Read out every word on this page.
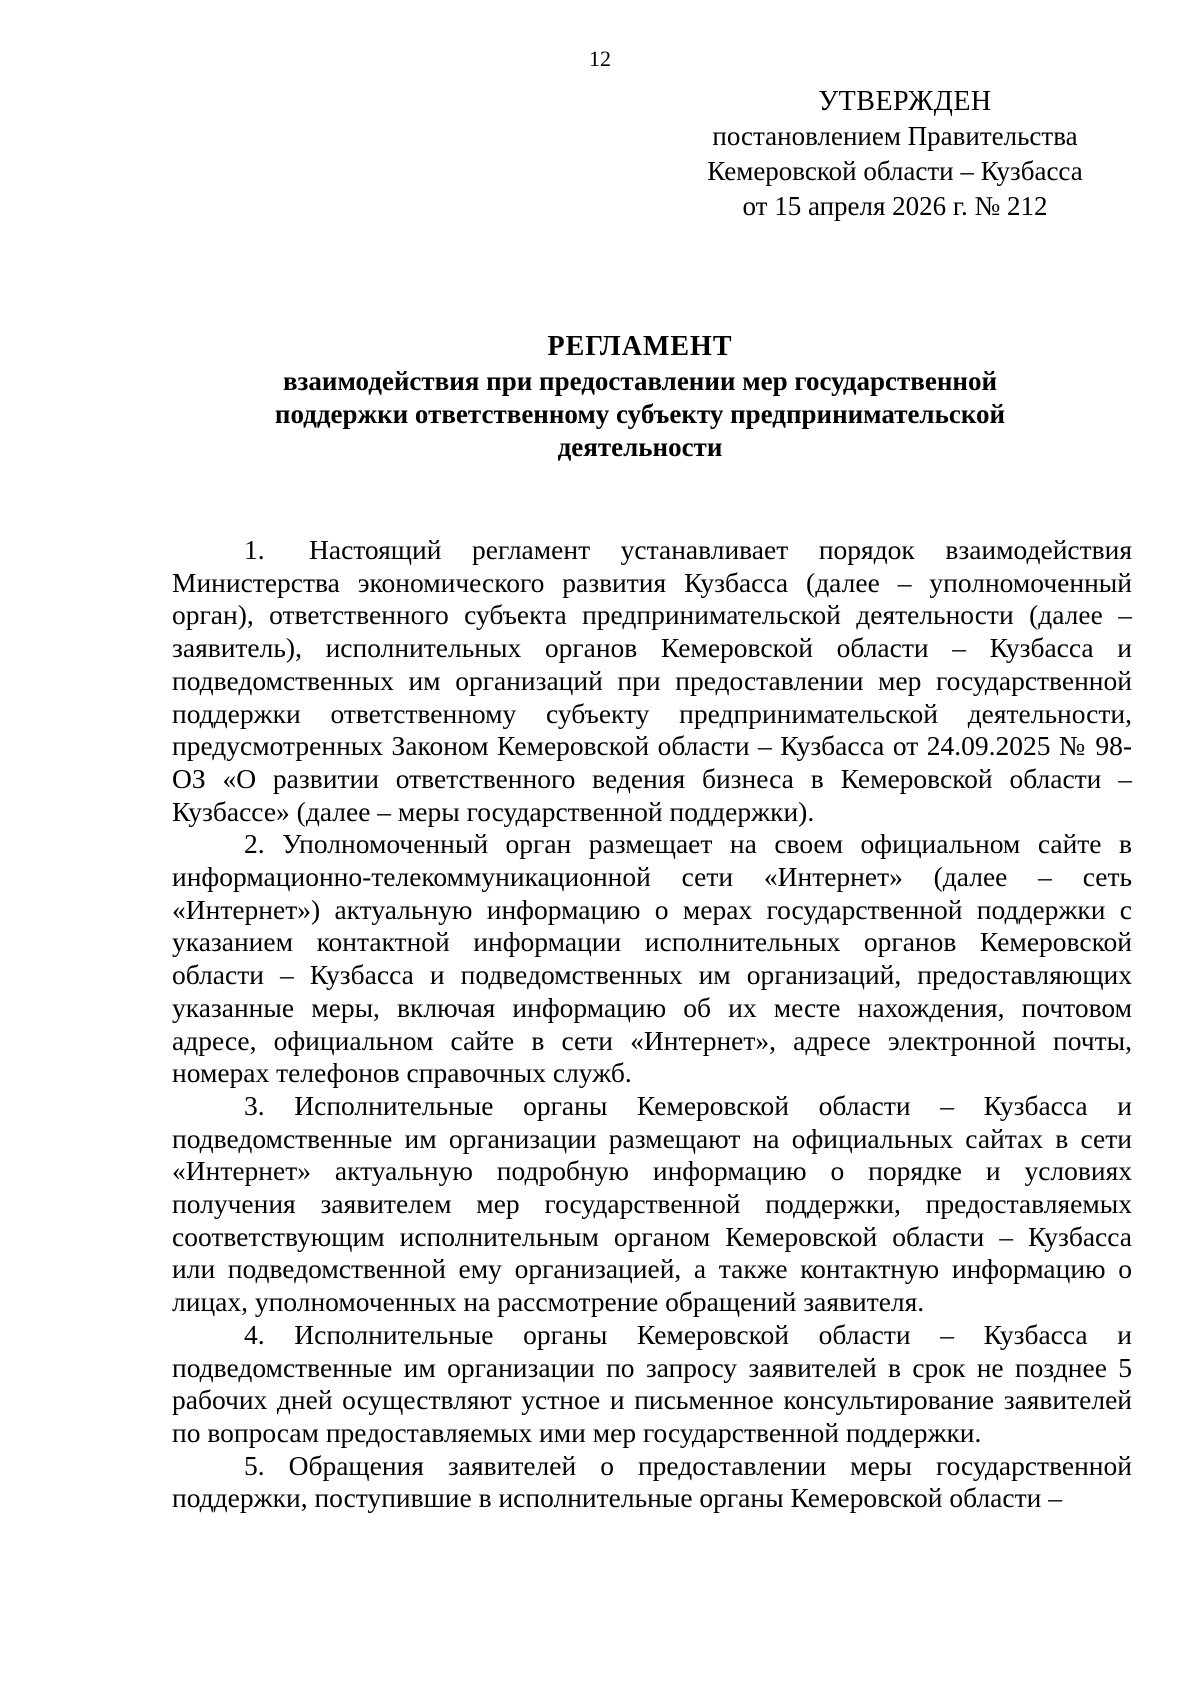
12
УТВЕРЖДЕН
постановлением Правительства
Кемеровской области – Кузбасса
от 15 апреля 2026 г. № 212
РЕГЛАМЕНТ
взаимодействия при предоставлении мер государственной
поддержки ответственному субъекту предпринимательской
деятельности

1. Настоящий регламент устанавливает порядок взаимодействия Министерства экономического развития Кузбасса (далее – уполномоченный орган), ответственного субъекта предпринимательской деятельности (далее – заявитель), исполнительных органов Кемеровской области – Кузбасса и подведомственных им организаций при предоставлении мер государственной поддержки ответственному субъекту предпринимательской деятельности, предусмотренных Законом Кемеровской области – Кузбасса от 24.09.2025 № 98-ОЗ «О развитии ответственного ведения бизнеса в Кемеровской области – Кузбассе» (далее – меры государственной поддержки).

2. Уполномоченный орган размещает на своем официальном сайте в информационно-телекоммуникационной сети «Интернет» (далее – сеть «Интернет») актуальную информацию о мерах государственной поддержки с указанием контактной информации исполнительных органов Кемеровской области – Кузбасса и подведомственных им организаций, предоставляющих указанные меры, включая информацию об их месте нахождения, почтовом адресе, официальном сайте в сети «Интернет», адресе электронной почты, номерах телефонов справочных служб.

3. Исполнительные органы Кемеровской области – Кузбасса и подведомственные им организации размещают на официальных сайтах в сети «Интернет» актуальную подробную информацию о порядке и условиях получения заявителем мер государственной поддержки, предоставляемых соответствующим исполнительным органом Кемеровской области – Кузбасса или подведомственной ему организацией, а также контактную информацию о лицах, уполномоченных на рассмотрение обращений заявителя.

4. Исполнительные органы Кемеровской области – Кузбасса и подведомственные им организации по запросу заявителей в срок не позднее 5 рабочих дней осуществляют устное и письменное консультирование заявителей по вопросам предоставляемых ими мер государственной поддержки.

5. Обращения заявителей о предоставлении меры государственной поддержки, поступившие в исполнительные органы Кемеровской области –
